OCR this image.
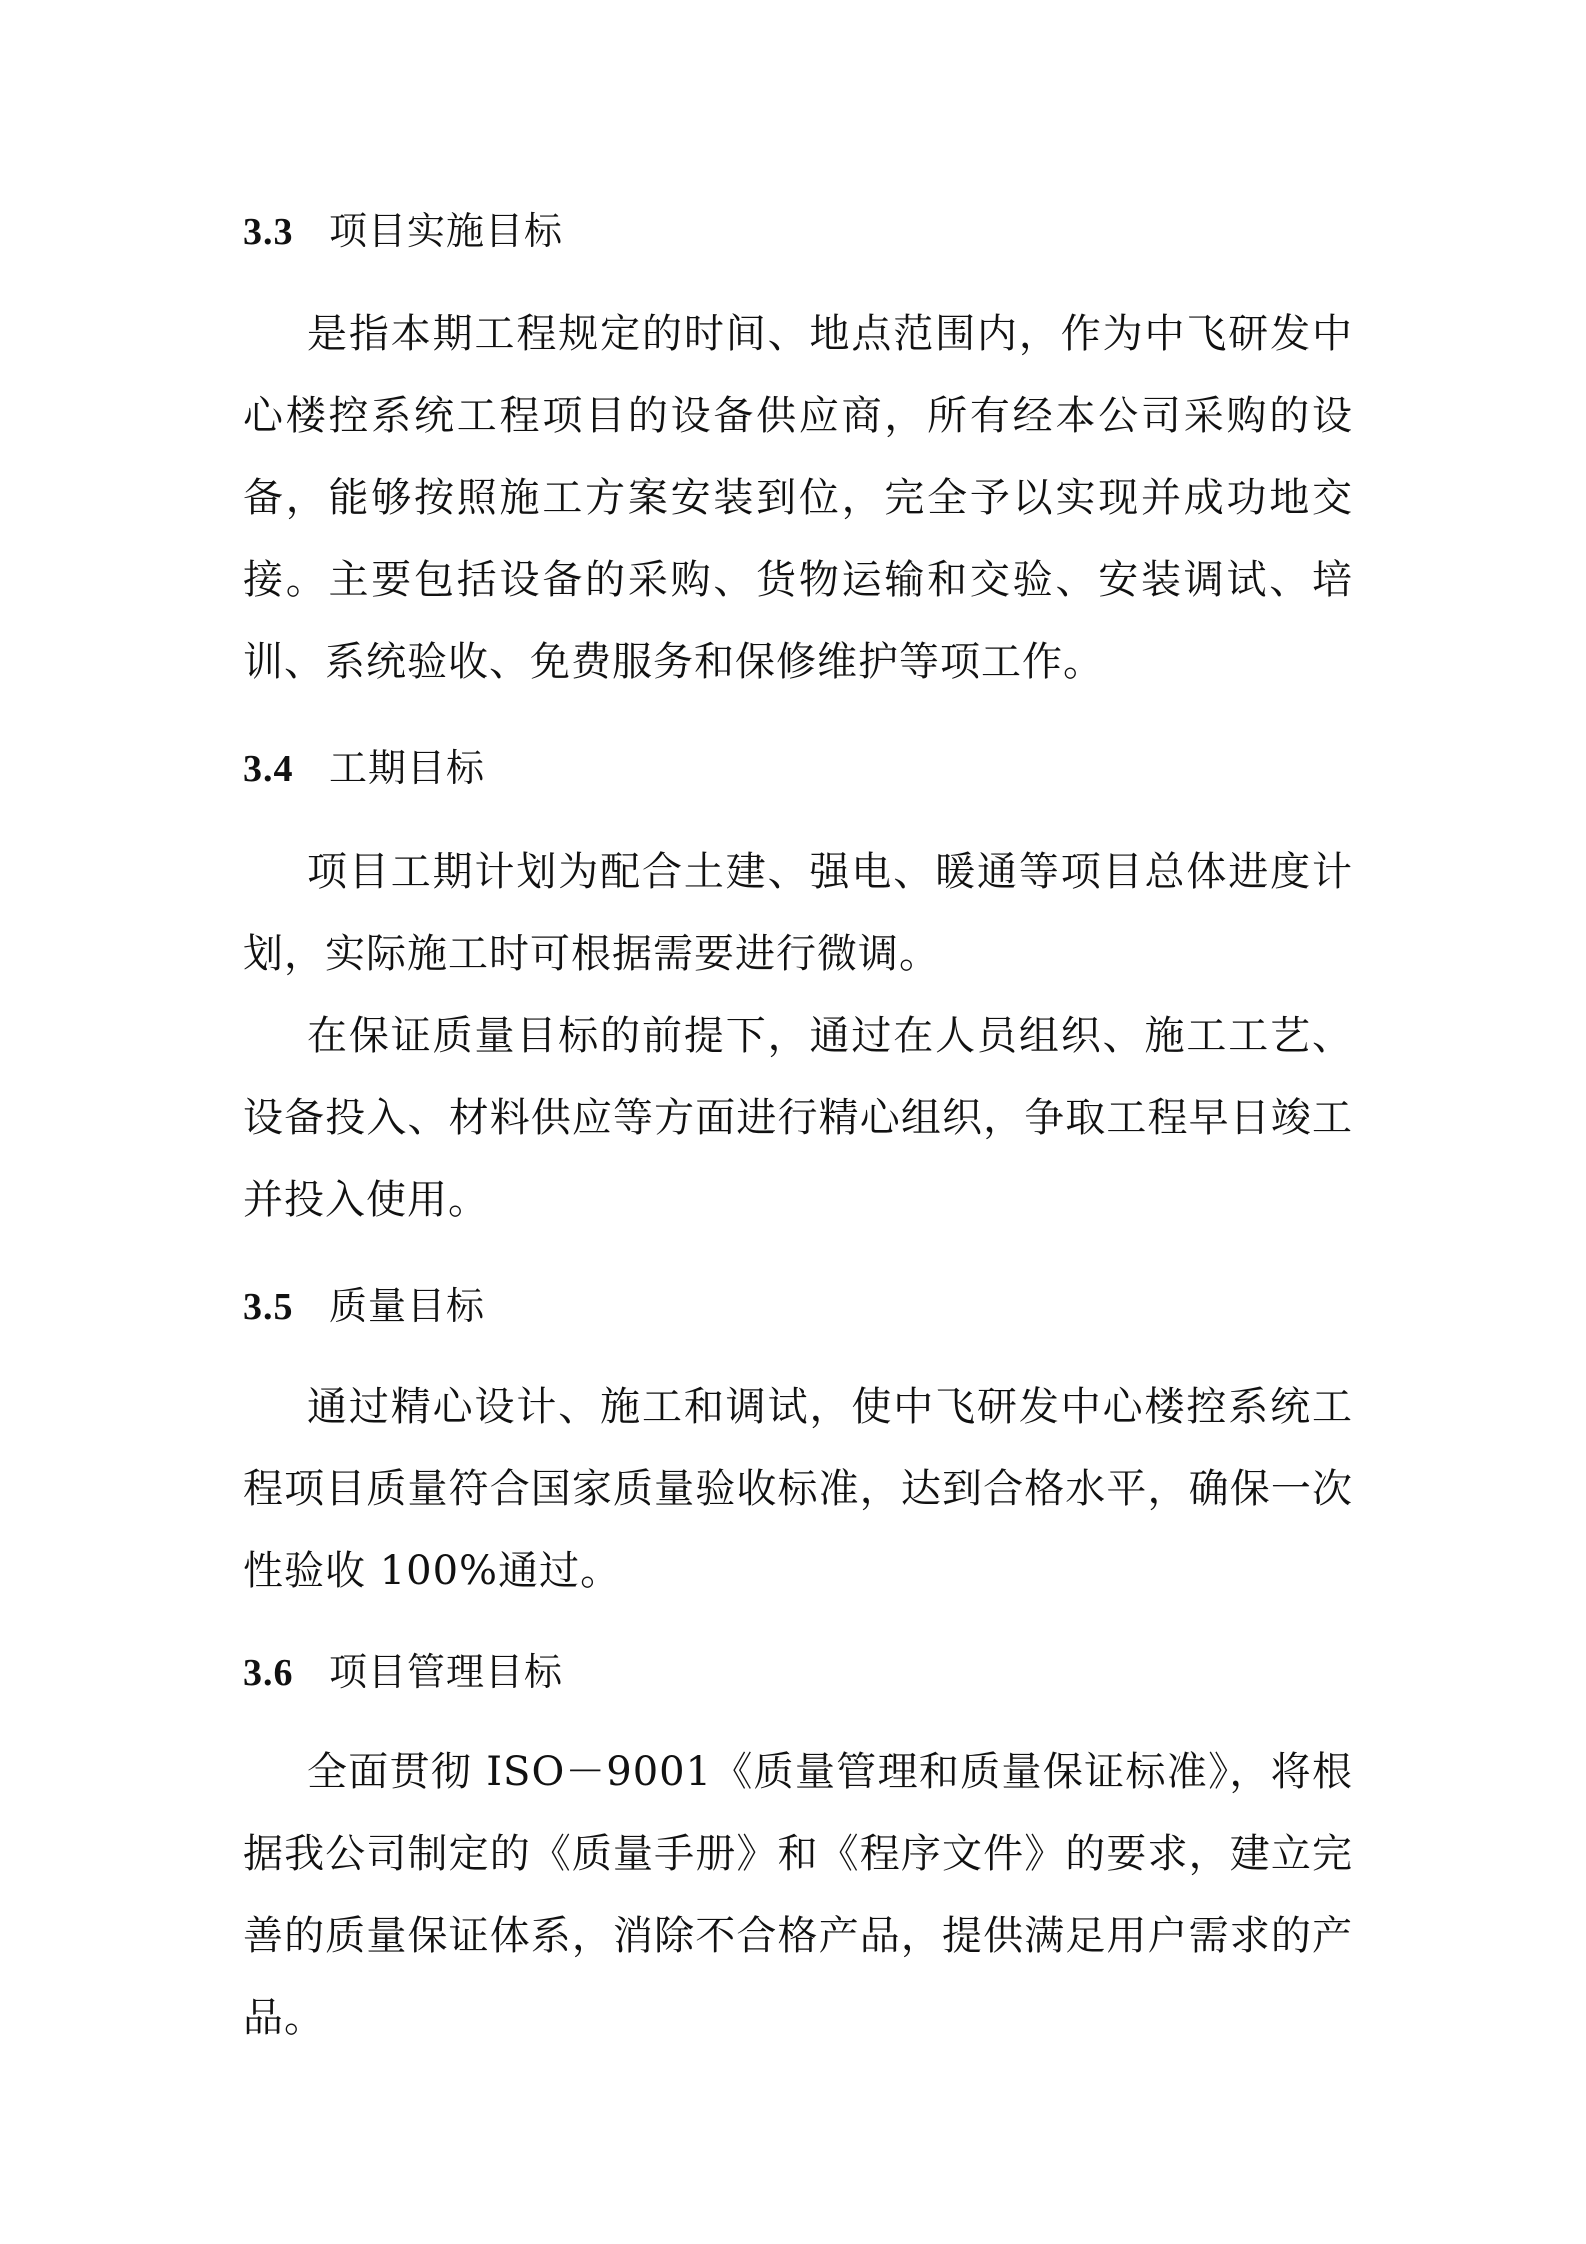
3.3 项目实施目标
是指本期工程规定的时间、地点范围内，作为中飞研发中心楼控系统工程项目的设备供应商，所有经本公司采购的设备，能够按照施工方案安装到位，完全予以实现并成功地交接。主要包括设备的采购、货物运输和交验、安装调试、培训、系统验收、免费服务和保修维护等项工作。
3.4 工期目标
项目工期计划为配合土建、强电、暖通等项目总体进度计划，实际施工时可根据需要进行微调。
在保证质量目标的前提下，通过在人员组织、施工工艺、设备投入、材料供应等方面进行精心组织，争取工程早日竣工并投入使用。
3.5 质量目标
通过精心设计、施工和调试，使中飞研发中心楼控系统工程项目质量符合国家质量验收标准，达到合格水平，确保一次性验收 100%通过。
3.6 项目管理目标
全面贯彻 ISO－9001《质量管理和质量保证标准》，将根据我公司制定的《质量手册》和《程序文件》的要求，建立完善的质量保证体系，消除不合格产品，提供满足用户需求的产品。
